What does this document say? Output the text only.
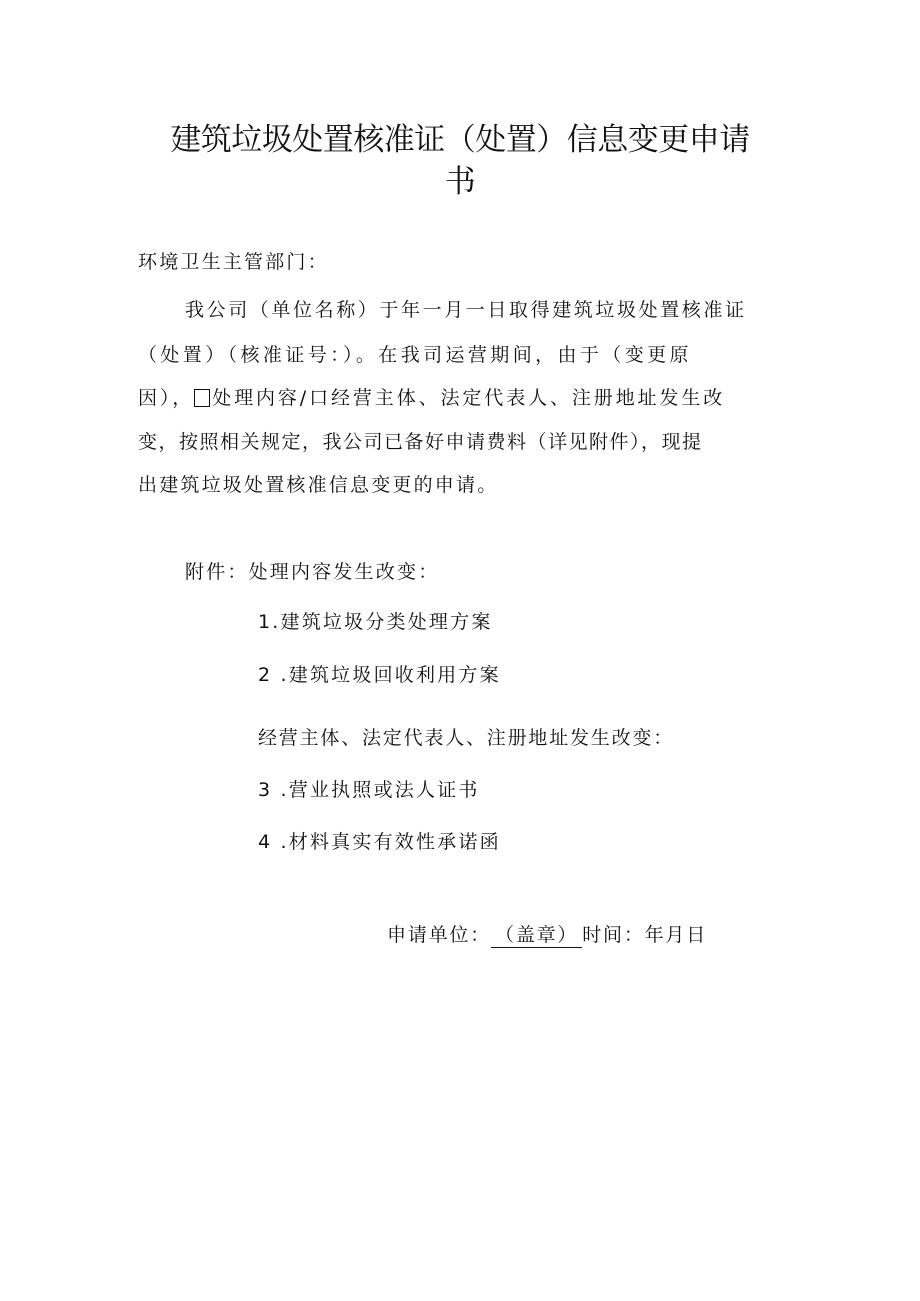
建筑垃圾处置核准证（处置）信息变更申请
书
环境卫生主管部门：
我公司（单位名称）于年一月一日取得建筑垃圾处置核准证
（处置）（核准证号：）。在我司运营期间，由于（变更原
因）， 处理内容/口经营主体、法定代表人、注册地址发生改
变，按照相关规定，我公司已备好申请费料（详见附件），现提
出建筑垃圾处置核准信息变更的申请。
附件：处理内容发生改变：
1.建筑垃圾分类处理方案
2 .建筑垃圾回收利用方案
经营主体、法定代表人、注册地址发生改变：
3 .营业执照或法人证书
4 .材料真实有效性承诺函
申请单位： （盖章） 时间：年月日
